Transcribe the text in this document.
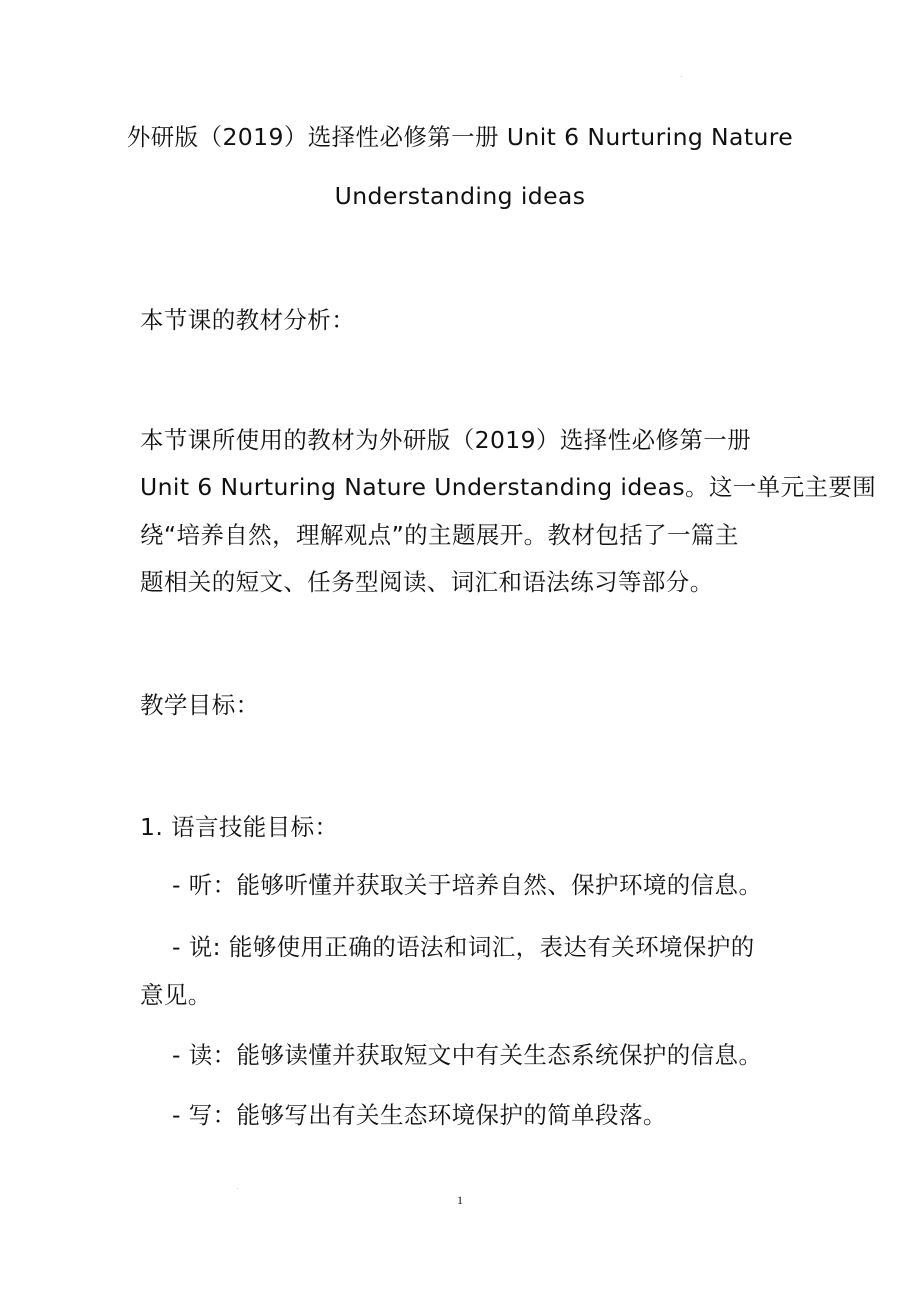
外研版（2019）选择性必修第一册 Unit 6 Nurturing Nature
Understanding ideas
本节课的教材分析：
本节课所使用的教材为外研版（2019）选择性必修第一册
Unit 6 Nurturing Nature Understanding ideas。这一单元主要围
绕“培养自然，理解观点”的主题展开。教材包括了一篇主
题相关的短文、任务型阅读、词汇和语法练习等部分。
教学目标：
1. 语言技能目标：
- 听：能够听懂并获取关于培养自然、保护环境的信息。
- 说: 能够使用正确的语法和词汇，表达有关环境保护的
意见。
- 读：能够读懂并获取短文中有关生态系统保护的信息。
- 写：能够写出有关生态环境保护的简单段落。
1
